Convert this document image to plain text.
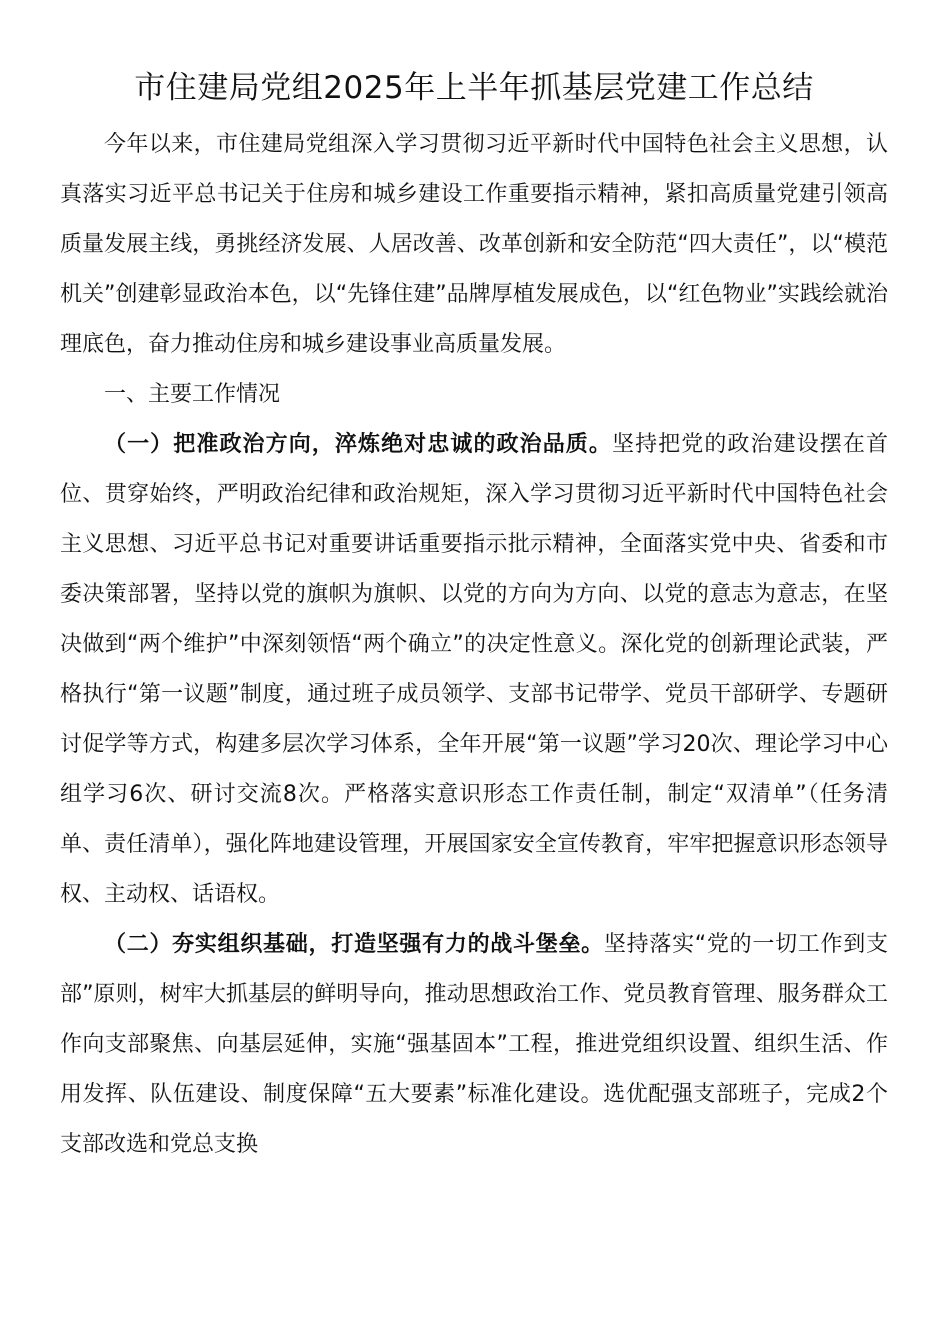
市住建局党组2025年上半年抓基层党建工作总结

今年以来，市住建局党组深入学习贯彻习近平新时代中国特色社会主义思想，认真落实习近平总书记关于住房和城乡建设工作重要指示精神，紧扣高质量党建引领高质量发展主线，勇挑经济发展、人居改善、改革创新和安全防范“四大责任”，以“模范机关”创建彰显政治本色，以“先锋住建”品牌厚植发展成色，以“红色物业”实践绘就治理底色，奋力推动住房和城乡建设事业高质量发展。

一、主要工作情况

（一）把准政治方向，淬炼绝对忠诚的政治品质。坚持把党的政治建设摆在首位、贯穿始终，严明政治纪律和政治规矩，深入学习贯彻习近平新时代中国特色社会主义思想、习近平总书记对重要讲话重要指示批示精神，全面落实党中央、省委和市委决策部署，坚持以党的旗帜为旗帜、以党的方向为方向、以党的意志为意志，在坚决做到“两个维护”中深刻领悟“两个确立”的决定性意义。深化党的创新理论武装，严格执行“第一议题”制度，通过班子成员领学、支部书记带学、党员干部研学、专题研讨促学等方式，构建多层次学习体系，全年开展“第一议题”学习20次、理论学习中心组学习6次、研讨交流8次。严格落实意识形态工作责任制，制定“双清单”（任务清单、责任清单），强化阵地建设管理，开展国家安全宣传教育，牢牢把握意识形态领导权、主动权、话语权。

（二）夯实组织基础，打造坚强有力的战斗堡垒。坚持落实“党的一切工作到支部”原则，树牢大抓基层的鲜明导向，推动思想政治工作、党员教育管理、服务群众工作向支部聚焦、向基层延伸，实施“强基固本”工程，推进党组织设置、组织生活、作用发挥、队伍建设、制度保障“五大要素”标准化建设。选优配强支部班子，完成2个支部改选和党总支换
